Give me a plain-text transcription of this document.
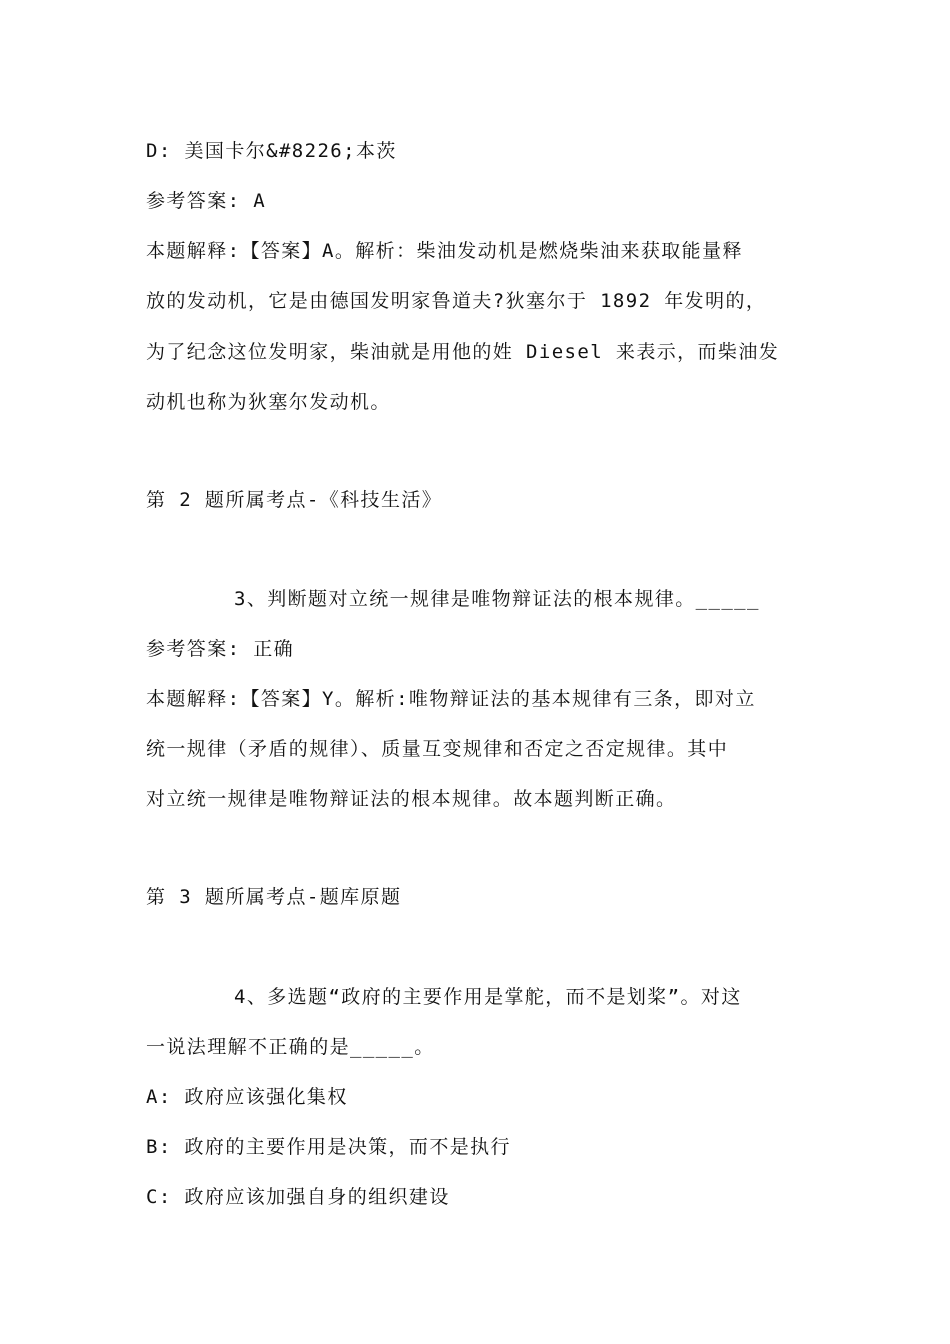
D: 美国卡尔&#8226;本茨
参考答案: A
本题解释:【答案】A。解析：柴油发动机是燃烧柴油来获取能量释
放的发动机，它是由德国发明家鲁道夫?狄塞尔于 1892 年发明的，
为了纪念这位发明家，柴油就是用他的姓 Diesel 来表示，而柴油发
动机也称为狄塞尔发动机。
第 2 题所属考点-《科技生活》
3、判断题对立统一规律是唯物辩证法的根本规律。_____
参考答案: 正确
本题解释:【答案】Y。解析:唯物辩证法的基本规律有三条，即对立
统一规律（矛盾的规律）、质量互变规律和否定之否定规律。其中
对立统一规律是唯物辩证法的根本规律。故本题判断正确。
第 3 题所属考点-题库原题
4、多选题“政府的主要作用是掌舵，而不是划桨”。对这
一说法理解不正确的是_____。
A: 政府应该强化集权
B: 政府的主要作用是决策，而不是执行
C: 政府应该加强自身的组织建设
